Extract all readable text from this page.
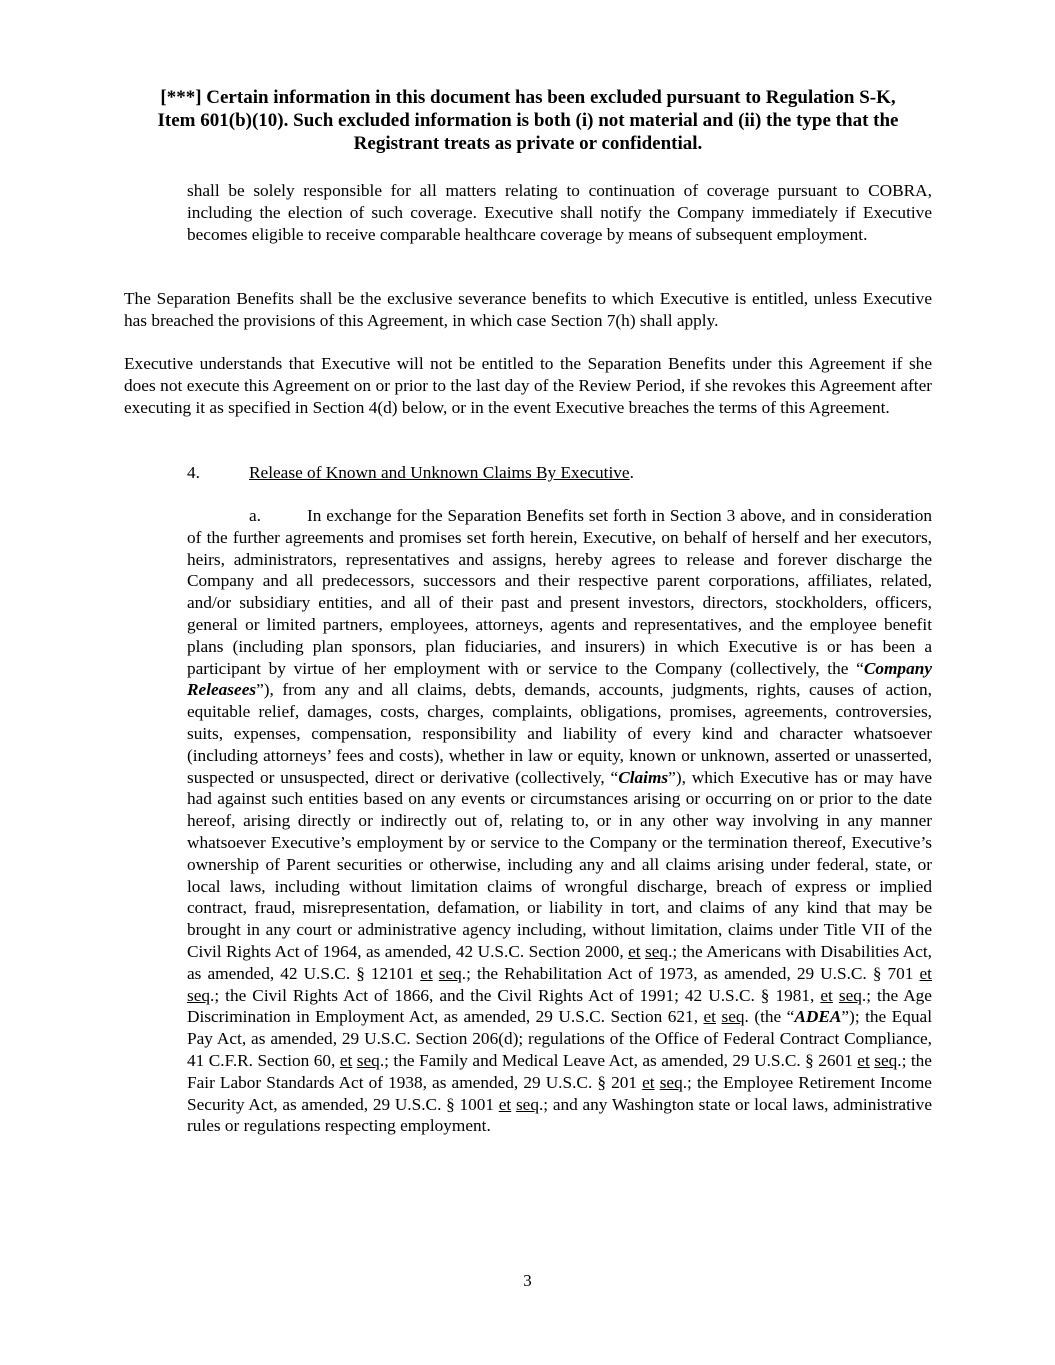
[***] Certain information in this document has been excluded pursuant to Regulation S-K,
Item 601(b)(10). Such excluded information is both (i) not material and (ii) the type that the
Registrant treats as private or confidential.

shall be solely responsible for all matters relating to continuation of coverage pursuant to COBRA, including the election of such coverage. Executive shall notify the Company immediately if Executive becomes eligible to receive comparable healthcare coverage by means of subsequent employment.

The Separation Benefits shall be the exclusive severance benefits to which Executive is entitled, unless Executive has breached the provisions of this Agreement, in which case Section 7(h) shall apply.

Executive understands that Executive will not be entitled to the Separation Benefits under this Agreement if she does not execute this Agreement on or prior to the last day of the Review Period, if she revokes this Agreement after executing it as specified in Section 4(d) below, or in the event Executive breaches the terms of this Agreement.

4.	Release of Known and Unknown Claims By Executive.

a.	In exchange for the Separation Benefits set forth in Section 3 above, and in consideration of the further agreements and promises set forth herein, Executive, on behalf of herself and her executors, heirs, administrators, representatives and assigns, hereby agrees to release and forever discharge the Company and all predecessors, successors and their respective parent corporations, affiliates, related, and/or subsidiary entities, and all of their past and present investors, directors, stockholders, officers, general or limited partners, employees, attorneys, agents and representatives, and the employee benefit plans (including plan sponsors, plan fiduciaries, and insurers) in which Executive is or has been a participant by virtue of her employment with or service to the Company (collectively, the “Company Releasees”), from any and all claims, debts, demands, accounts, judgments, rights, causes of action, equitable relief, damages, costs, charges, complaints, obligations, promises, agreements, controversies, suits, expenses, compensation, responsibility and liability of every kind and character whatsoever (including attorneys’ fees and costs), whether in law or equity, known or unknown, asserted or unasserted, suspected or unsuspected, direct or derivative (collectively, “Claims”), which Executive has or may have had against such entities based on any events or circumstances arising or occurring on or prior to the date hereof, arising directly or indirectly out of, relating to, or in any other way involving in any manner whatsoever Executive’s employment by or service to the Company or the termination thereof, Executive’s ownership of Parent securities or otherwise, including any and all claims arising under federal, state, or local laws, including without limitation claims of wrongful discharge, breach of express or implied contract, fraud, misrepresentation, defamation, or liability in tort, and claims of any kind that may be brought in any court or administrative agency including, without limitation, claims under Title VII of the Civil Rights Act of 1964, as amended, 42 U.S.C. Section 2000, et seq.; the Americans with Disabilities Act, as amended, 42 U.S.C. § 12101 et seq.; the Rehabilitation Act of 1973, as amended, 29 U.S.C. § 701 et seq.; the Civil Rights Act of 1866, and the Civil Rights Act of 1991; 42 U.S.C. § 1981, et seq.; the Age Discrimination in Employment Act, as amended, 29 U.S.C. Section 621, et seq. (the “ADEA”); the Equal Pay Act, as amended, 29 U.S.C. Section 206(d); regulations of the Office of Federal Contract Compliance, 41 C.F.R. Section 60, et seq.; the Family and Medical Leave Act, as amended, 29 U.S.C. § 2601 et seq.; the Fair Labor Standards Act of 1938, as amended, 29 U.S.C. § 201 et seq.; the Employee Retirement Income Security Act, as amended, 29 U.S.C. § 1001 et seq.; and any Washington state or local laws, administrative rules or regulations respecting employment.

3
